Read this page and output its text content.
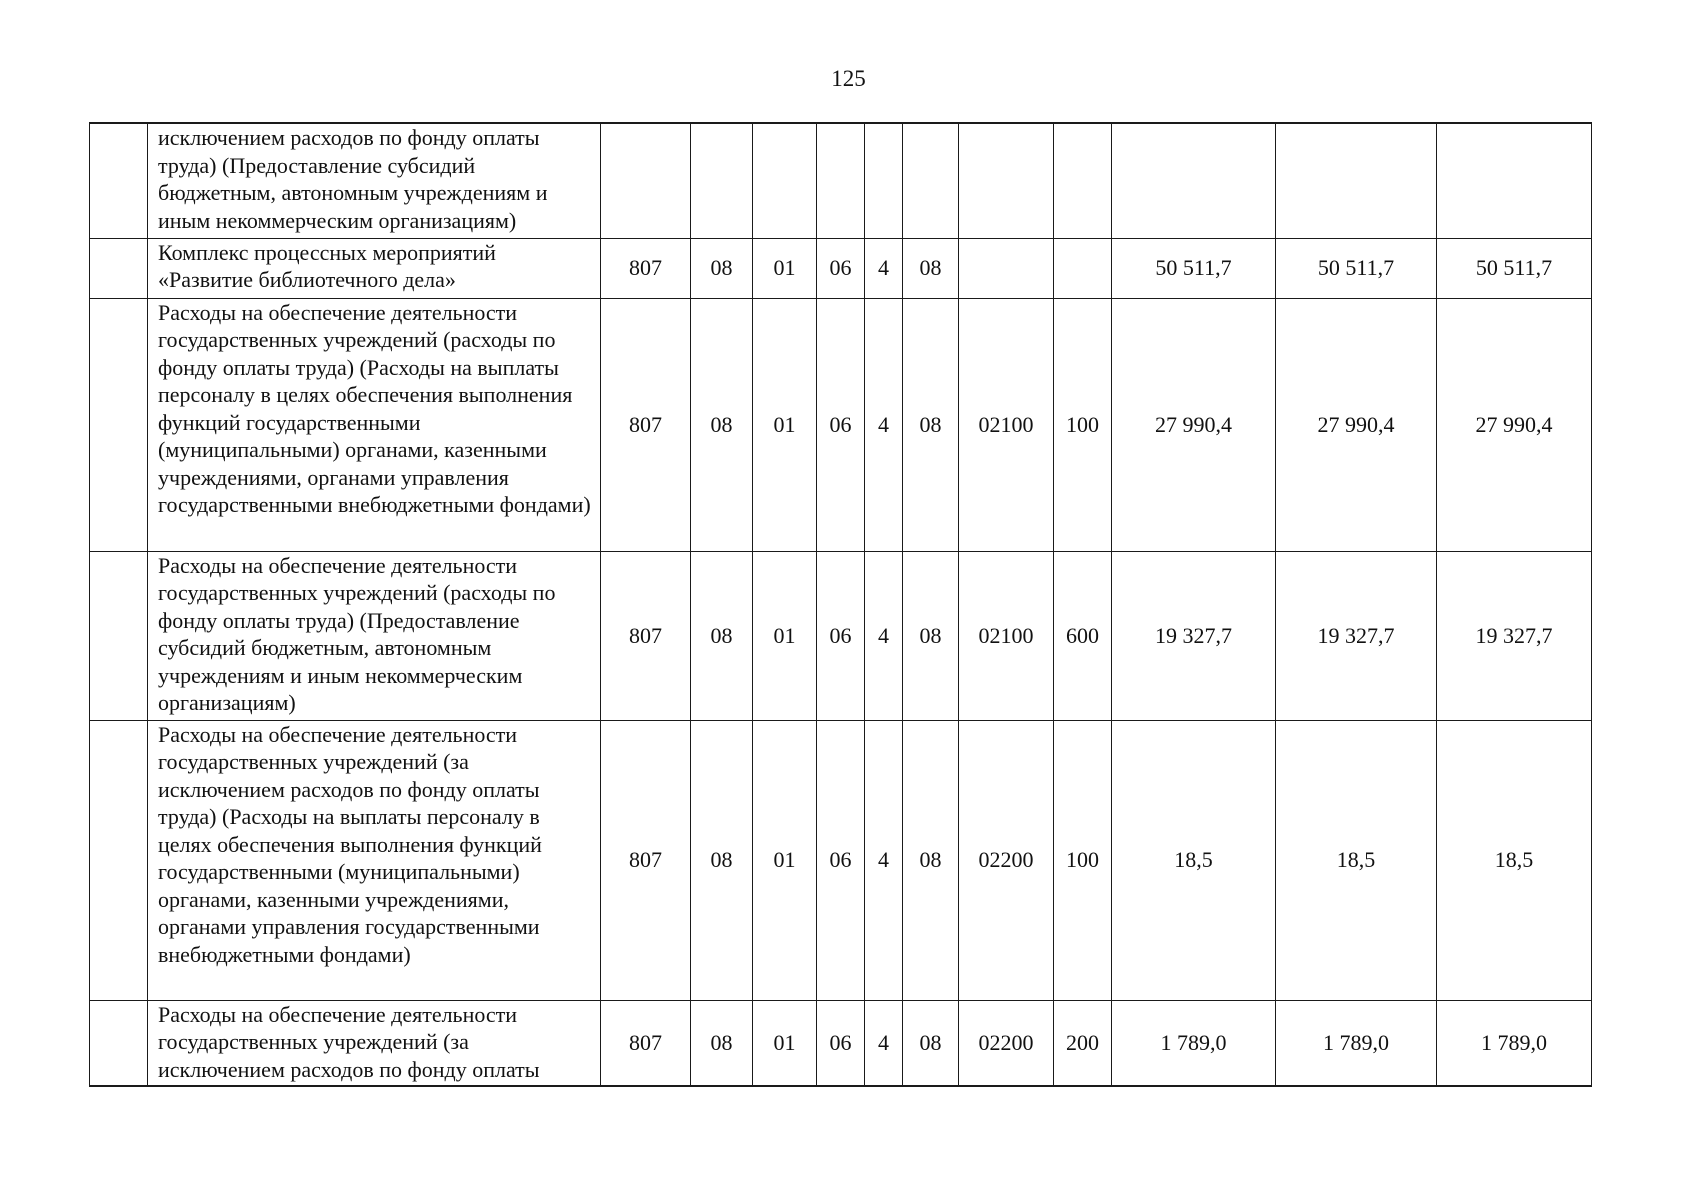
125
	исключением расходов по фонду оплаты труда) (Предоставление субсидий бюджетным, автономным учреждениям и иным некоммерческим организациям)											
	Комплекс процессных мероприятий «Развитие библиотечного дела»	807	08	01	06	4	08			50 511,7	50 511,7	50 511,7
	Расходы на обеспечение деятельности государственных учреждений (расходы по фонду оплаты труда) (Расходы на выплаты персоналу в целях обеспечения выполнения функций государственными (муниципальными) органами, казенными учреждениями, органами управления государственными внебюджетными фондами)	807	08	01	06	4	08	02100	100	27 990,4	27 990,4	27 990,4
	Расходы на обеспечение деятельности государственных учреждений (расходы по фонду оплаты труда) (Предоставление субсидий бюджетным, автономным учреждениям и иным некоммерческим организациям)	807	08	01	06	4	08	02100	600	19 327,7	19 327,7	19 327,7
	Расходы на обеспечение деятельности государственных учреждений (за исключением расходов по фонду оплаты труда) (Расходы на выплаты персоналу в целях обеспечения выполнения функций государственными (муниципальными) органами, казенными учреждениями, органами управления государственными внебюджетными фондами)	807	08	01	06	4	08	02200	100	18,5	18,5	18,5
	Расходы на обеспечение деятельности государственных учреждений (за исключением расходов по фонду оплаты	807	08	01	06	4	08	02200	200	1 789,0	1 789,0	1 789,0
